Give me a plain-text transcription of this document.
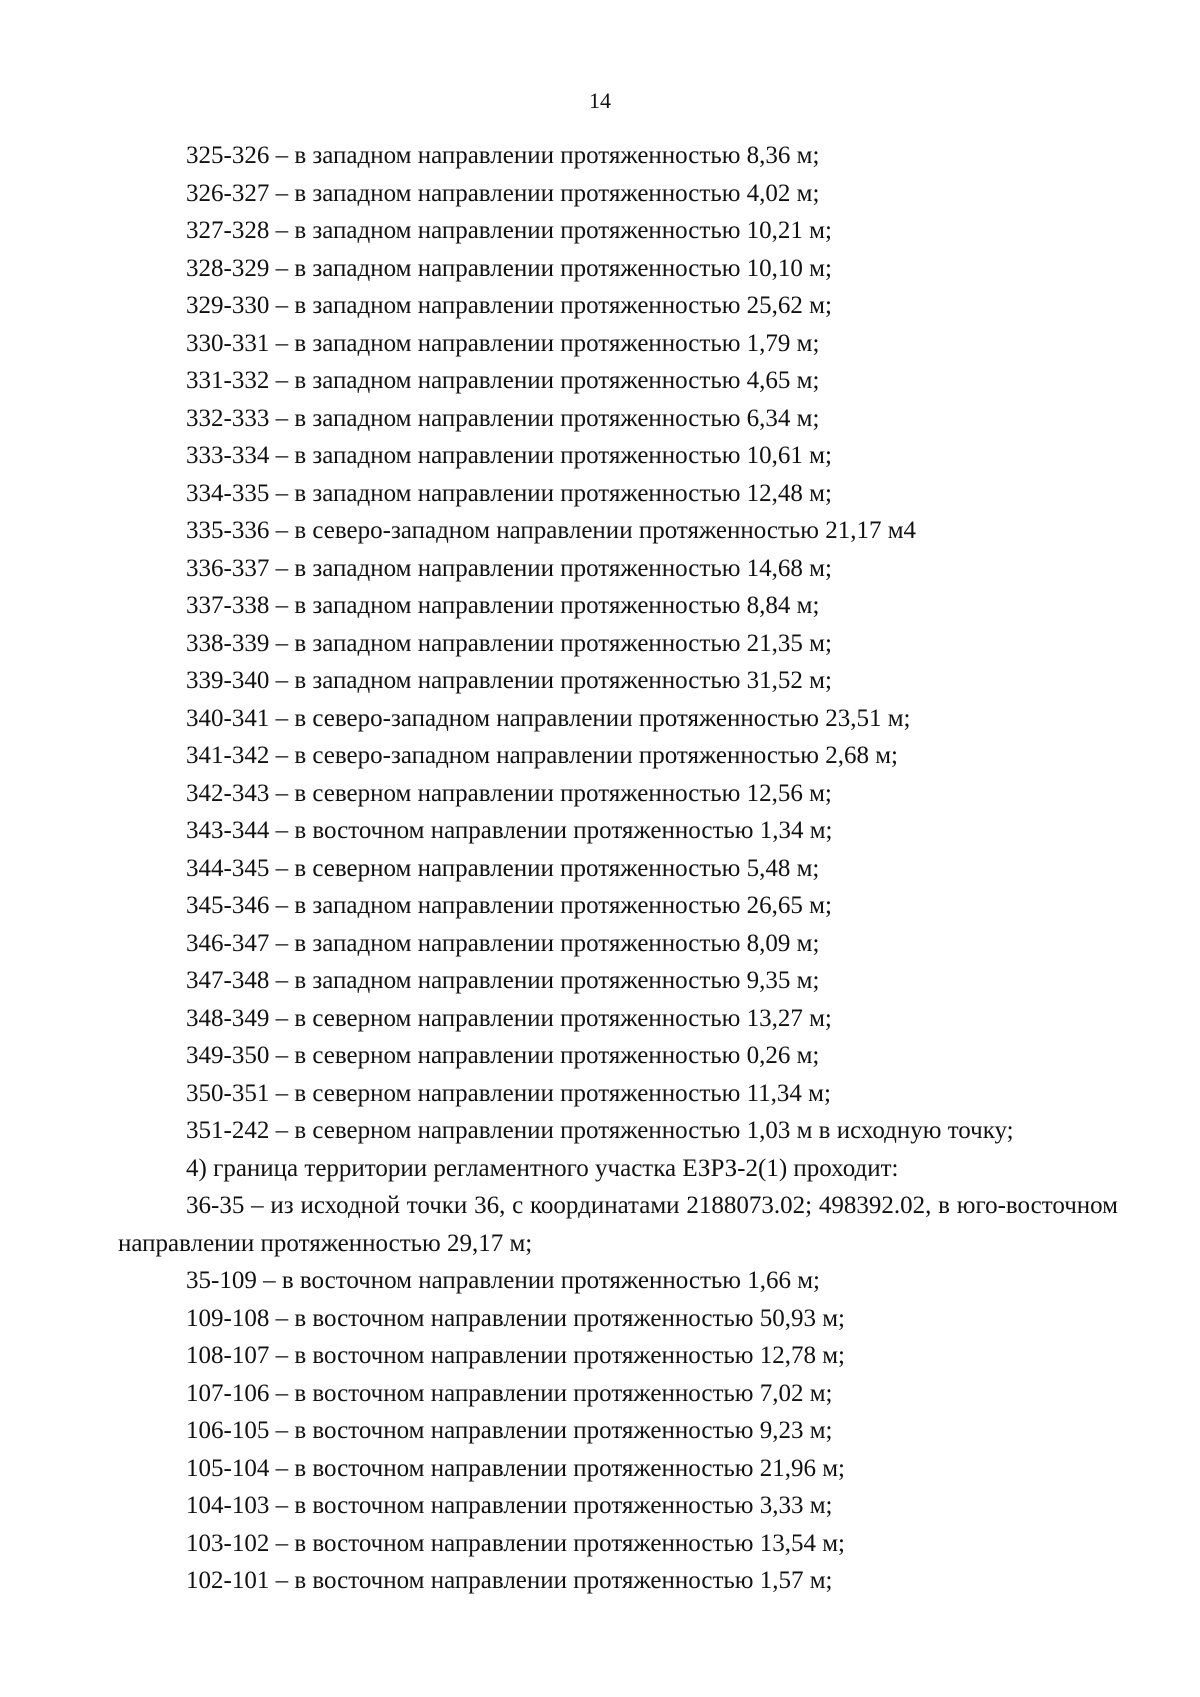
14
325-326 – в западном направлении протяженностью 8,36 м;
326-327 – в западном направлении протяженностью 4,02 м;
327-328 – в западном направлении протяженностью 10,21 м;
328-329 – в западном направлении протяженностью 10,10 м;
329-330 – в западном направлении протяженностью 25,62 м;
330-331 – в западном направлении протяженностью 1,79 м;
331-332 – в западном направлении протяженностью 4,65 м;
332-333 – в западном направлении протяженностью 6,34 м;
333-334 – в западном направлении протяженностью 10,61 м;
334-335 – в западном направлении протяженностью 12,48 м;
335-336 – в северо-западном направлении протяженностью 21,17 м4
336-337 – в западном направлении протяженностью 14,68 м;
337-338 – в западном направлении протяженностью 8,84 м;
338-339 – в западном направлении протяженностью 21,35 м;
339-340 – в западном направлении протяженностью 31,52 м;
340-341 – в северо-западном направлении протяженностью 23,51 м;
341-342 – в северо-западном направлении протяженностью 2,68 м;
342-343 – в северном направлении протяженностью 12,56 м;
343-344 – в восточном направлении протяженностью 1,34 м;
344-345 – в северном направлении протяженностью 5,48 м;
345-346 – в западном направлении протяженностью 26,65 м;
346-347 – в западном направлении протяженностью 8,09 м;
347-348 – в западном направлении протяженностью 9,35 м;
348-349 – в северном направлении протяженностью 13,27 м;
349-350 – в северном направлении протяженностью 0,26 м;
350-351 – в северном направлении протяженностью 11,34 м;
351-242 – в северном направлении протяженностью 1,03 м в исходную точку;
4) граница территории регламентного участка ЕЗРЗ-2(1) проходит:
36-35 – из исходной точки 36, с координатами 2188073.02; 498392.02, в юго-восточном направлении протяженностью 29,17 м;
35-109 – в восточном направлении протяженностью 1,66 м;
109-108 – в восточном направлении протяженностью 50,93 м;
108-107 – в восточном направлении протяженностью 12,78 м;
107-106 – в восточном направлении протяженностью 7,02 м;
106-105 – в восточном направлении протяженностью 9,23 м;
105-104 – в восточном направлении протяженностью 21,96 м;
104-103 – в восточном направлении протяженностью 3,33 м;
103-102 – в восточном направлении протяженностью 13,54 м;
102-101 – в восточном направлении протяженностью 1,57 м;
